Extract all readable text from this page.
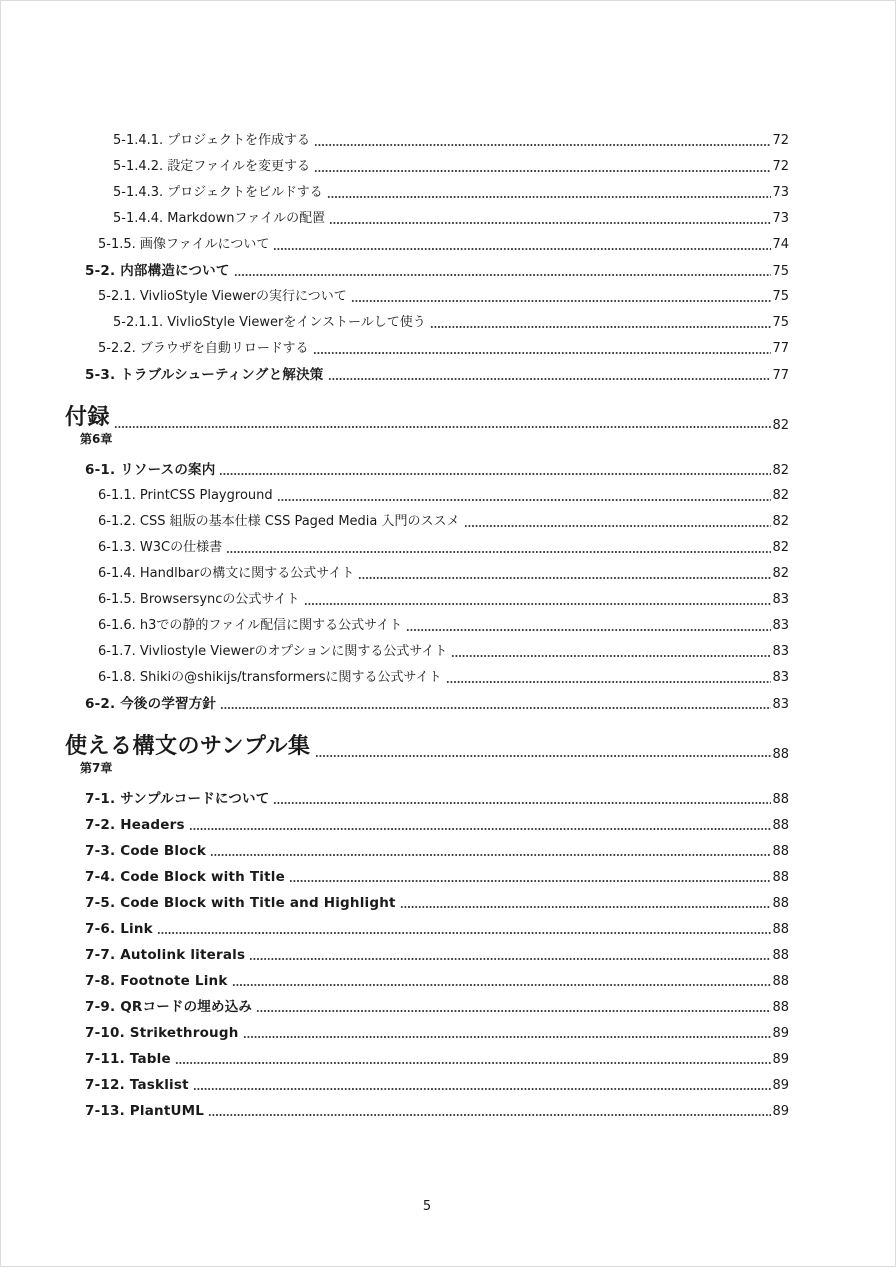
5-1.4.1. プロジェクトを作成する	72
5-1.4.2. 設定ファイルを変更する	72
5-1.4.3. プロジェクトをビルドする	73
5-1.4.4. Markdownファイルの配置	73
5-1.5. 画像ファイルについて	74
5-2. 内部構造について	75
5-2.1. VivlioStyle Viewerの実行について	75
5-2.1.1. VivlioStyle Viewerをインストールして使う	75
5-2.2. ブラウザを自動リロードする	77
5-3. トラブルシューティングと解決策	77
付録	82
第6章
6-1. リソースの案内	82
6-1.1. PrintCSS Playground	82
6-1.2. CSS 組版の基本仕様 CSS Paged Media 入門のススメ	82
6-1.3. W3Cの仕様書	82
6-1.4. Handlbarの構文に関する公式サイト	82
6-1.5. Browsersyncの公式サイト	83
6-1.6. h3での静的ファイル配信に関する公式サイト	83
6-1.7. Vivliostyle Viewerのオプションに関する公式サイト	83
6-1.8. Shikiの@shikijs/transformersに関する公式サイト	83
6-2. 今後の学習方針	83
使える構文のサンプル集	88
第7章
7-1. サンプルコードについて	88
7-2. Headers	88
7-3. Code Block	88
7-4. Code Block with Title	88
7-5. Code Block with Title and Highlight	88
7-6. Link	88
7-7. Autolink literals	88
7-8. Footnote Link	88
7-9. QRコードの埋め込み	88
7-10. Strikethrough	89
7-11. Table	89
7-12. Tasklist	89
7-13. PlantUML	89
5
